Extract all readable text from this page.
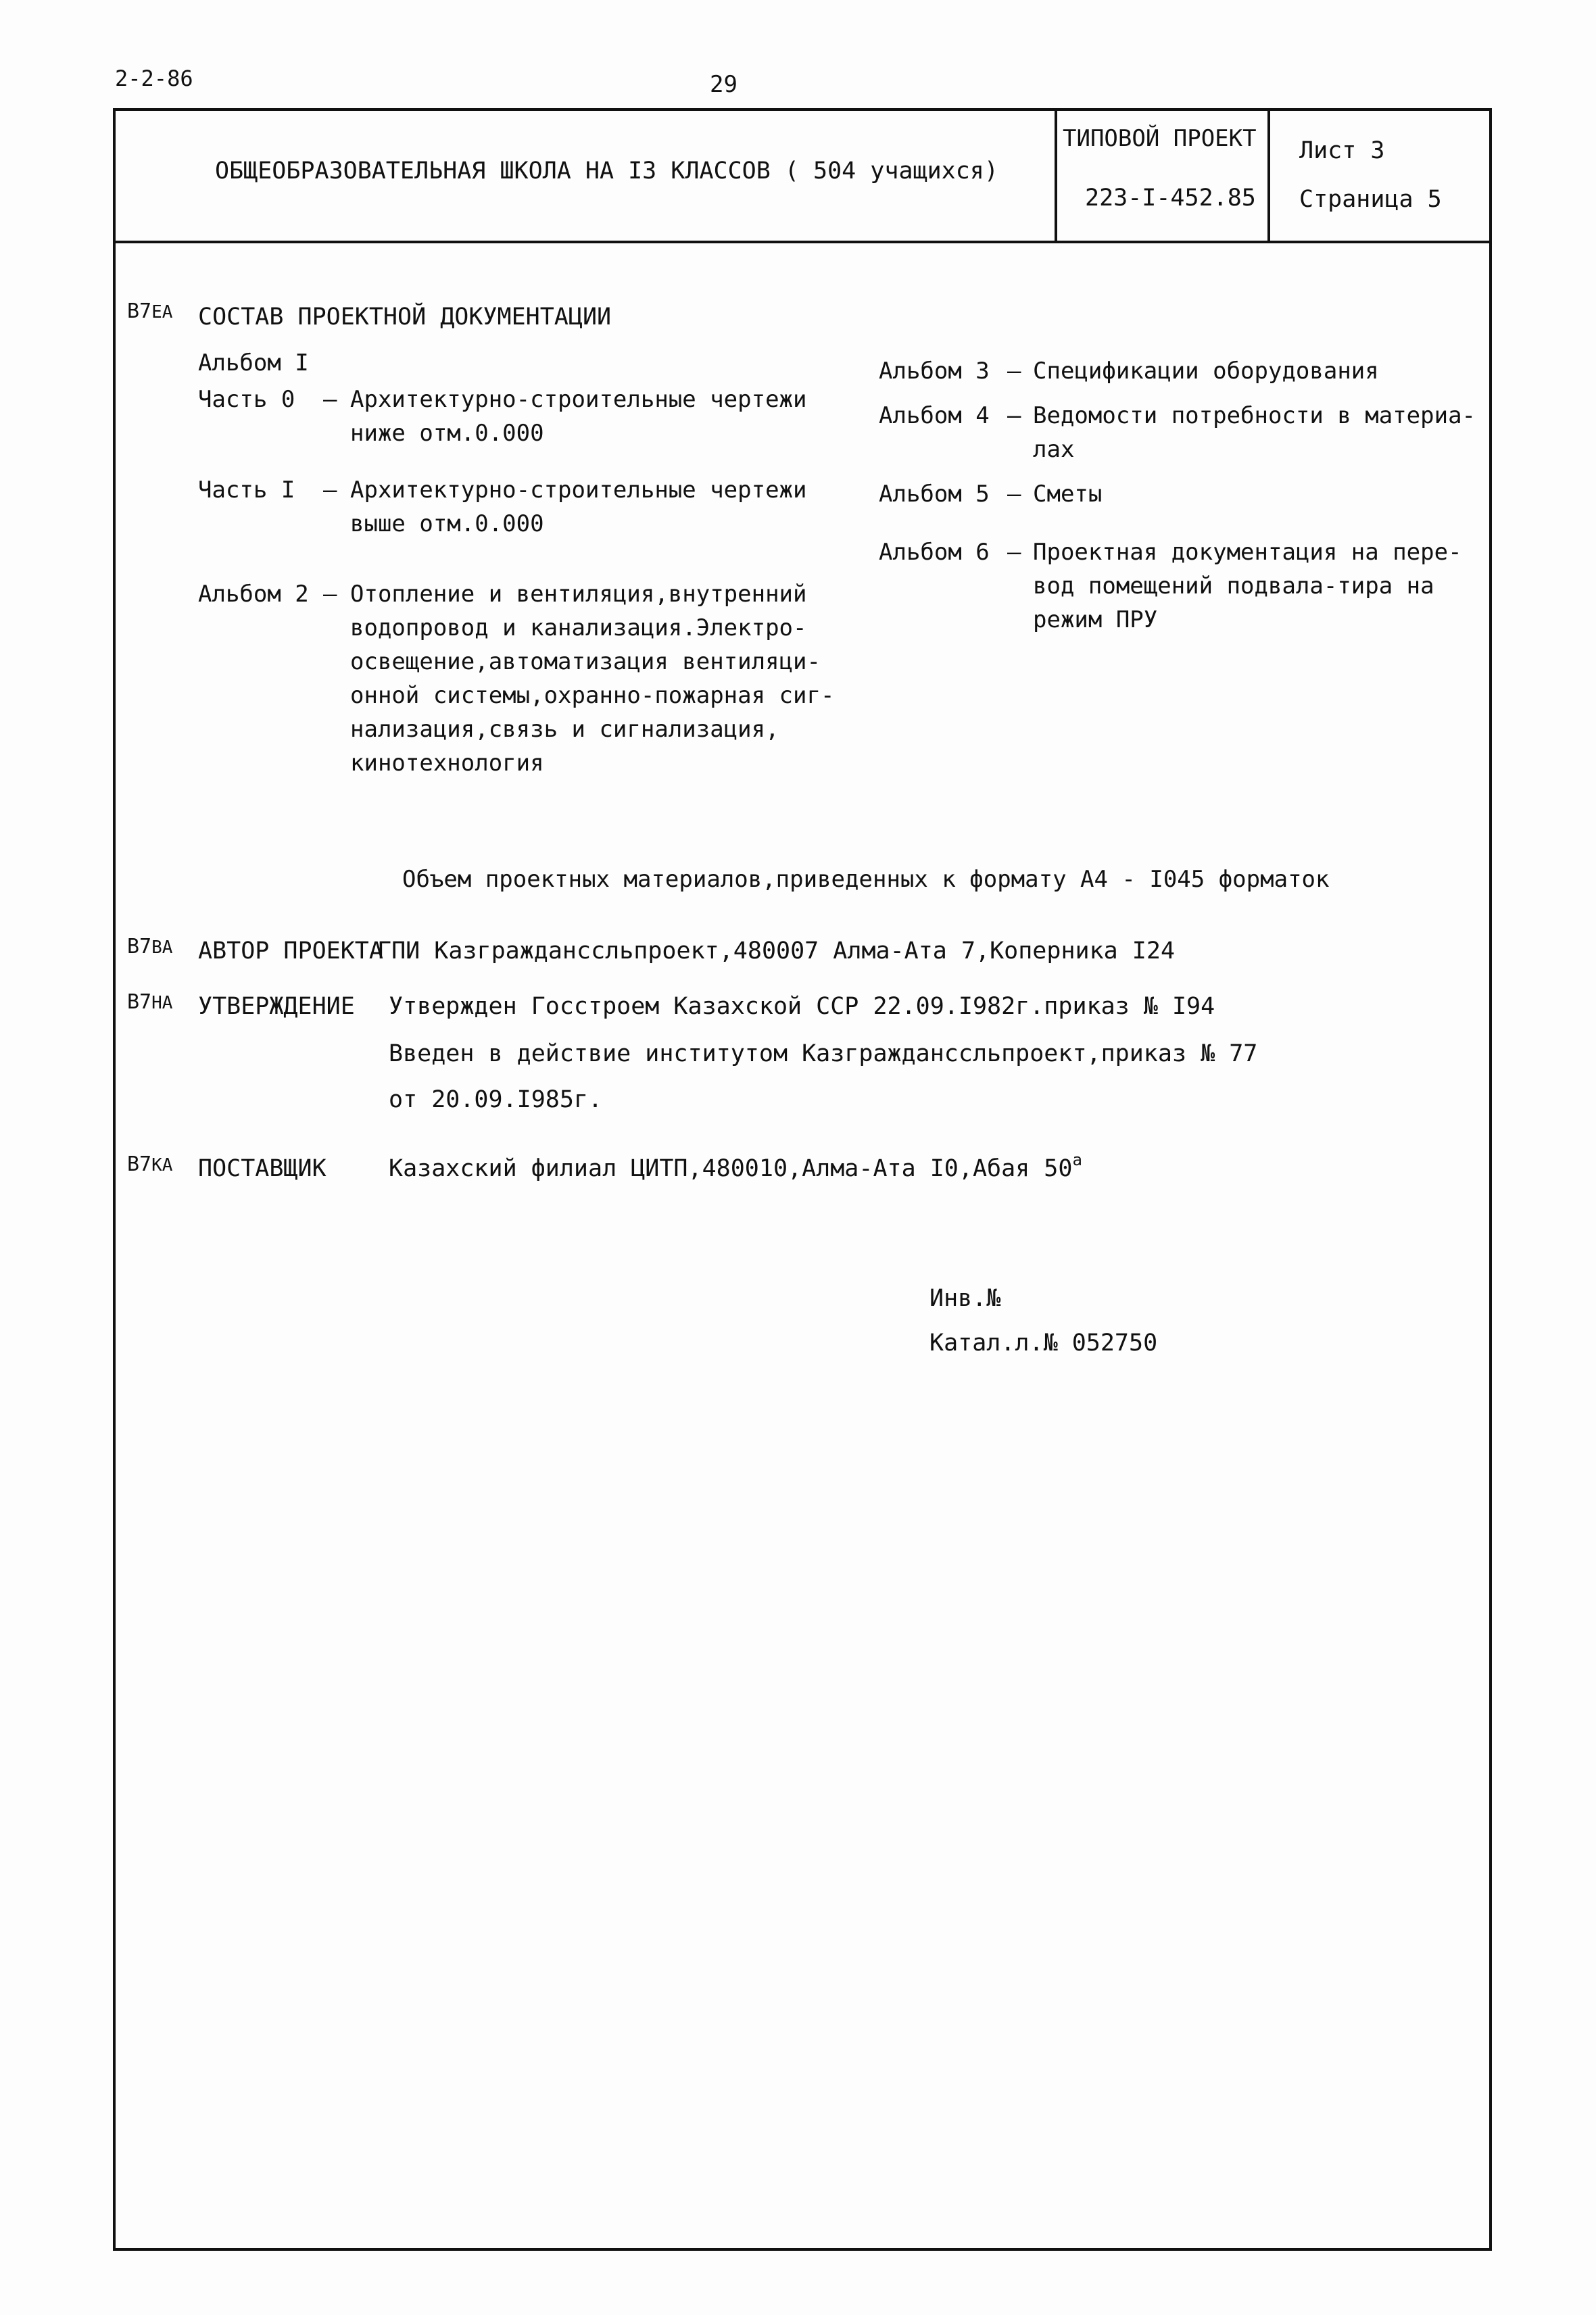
2-2-86	29
ОБЩЕОБРАЗОВАТЕЛЬНАЯ ШКОЛА НА I3 КЛАССОВ ( 504 учащихся)
ТИПОВОЙ ПРОЕКТ
223-I-452.85
Лист 3
Страница 5
В7ЕА СОСТАВ ПРОЕКТНОЙ ДОКУМЕНТАЦИИ
Альбом I
Часть 0 – Архитектурно-строительные чертежи
ниже отм.0.000
Часть I – Архитектурно-строительные чертежи
выше отм.0.000
Альбом 2 – Отопление и вентиляция,внутренний
водопровод и канализация.Электро-
освещение,автоматизация вентиляци-
онной системы,охранно-пожарная сиг-
нализация,связь и сигнализация,
кинотехнология
Альбом 3 – Спецификации оборудования
Альбом 4 – Ведомости потребности в материа-
лах
Альбом 5 – Сметы
Альбом 6 – Проектная документация на пере-
вод помещений подвала-тира на
режим ПРУ
Объем проектных материалов,приведенных к формату А4 - I045 форматок
В7ВА АВТОР ПРОЕКТА
ГПИ Казгражданссльпроект,480007 Алма-Ата 7,Коперника I24
В7НА УТВЕРЖДЕНИЕ Утвержден Госстроем Казахской ССР 22.09.I982г.приказ № I94
Введен в действие институтом Казгражданссльпроект,приказ № 77
от 20.09.I985г.
В7КА ПОСТАВЩИК	Казахский филиал ЦИТП,480010,Алма-Ата I0,Абая $50^а$
Инв.№
Катал.л.№ 052750
